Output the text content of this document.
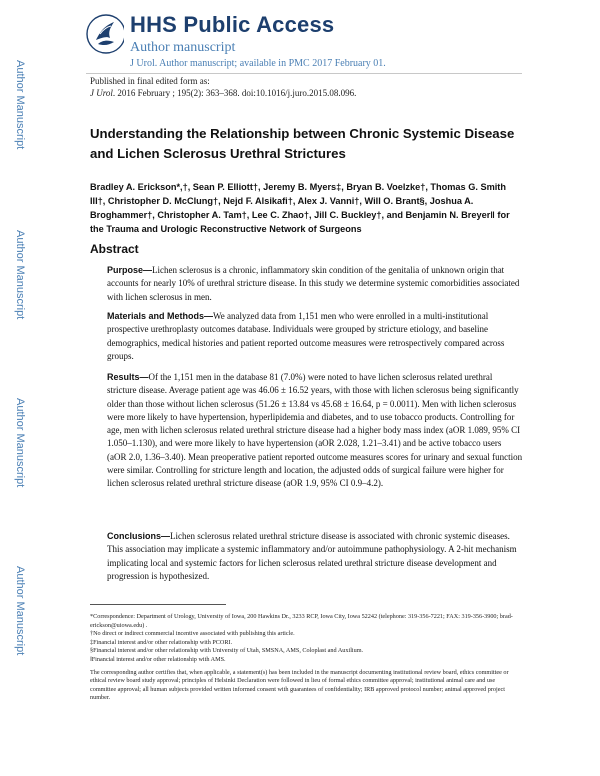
Author Manuscript
Author Manuscript
Author Manuscript
Author Manuscript
HHS Public Access
Author manuscript
J Urol. Author manuscript; available in PMC 2017 February 01.
Published in final edited form as:
J Urol. 2016 February ; 195(2): 363–368. doi:10.1016/j.juro.2015.08.096.
Understanding the Relationship between Chronic Systemic Disease and Lichen Sclerosus Urethral Strictures
Bradley A. Erickson*,†, Sean P. Elliott†, Jeremy B. Myers‡, Bryan B. Voelzke†, Thomas G. Smith III†, Christopher D. McClung†, Nejd F. Alsikafi†, Alex J. Vanni†, Will O. Brant§, Joshua A. Broghammer†, Christopher A. Tam†, Lee C. Zhao†, Jill C. Buckley†, and Benjamin N. Breyer‖ for the Trauma and Urologic Reconstructive Network of Surgeons
Abstract
Purpose—Lichen sclerosus is a chronic, inflammatory skin condition of the genitalia of unknown origin that accounts for nearly 10% of urethral stricture disease. In this study we determine systemic comorbidities associated with lichen sclerosus in men.
Materials and Methods—We analyzed data from 1,151 men who were enrolled in a multi-institutional prospective urethroplasty outcomes database. Individuals were grouped by stricture etiology, and baseline demographics, medical histories and patient reported outcome measures were retrospectively compared across groups.
Results—Of the 1,151 men in the database 81 (7.0%) were noted to have lichen sclerosus related urethral stricture disease. Average patient age was 46.06 ± 16.52 years, with those with lichen sclerosus being significantly older than those without lichen sclerosus (51.26 ± 13.84 vs 45.68 ± 16.64, p = 0.0011). Men with lichen sclerosus were more likely to have hypertension, hyperlipidemia and diabetes, and to use tobacco products. Controlling for age, men with lichen sclerosus related urethral stricture disease had a higher body mass index (aOR 1.089, 95% CI 1.050–1.130), and were more likely to have hypertension (aOR 2.028, 1.21–3.41) and be active tobacco users (aOR 2.0, 1.36–3.40). Mean preoperative patient reported outcome measures scores for urinary and sexual function were similar. Controlling for stricture length and location, the adjusted odds of surgical failure were higher for lichen sclerosus related urethral stricture disease (aOR 1.9, 95% CI 0.9–4.2).
Conclusions—Lichen sclerosus related urethral stricture disease is associated with chronic systemic diseases. This association may implicate a systemic inflammatory and/or autoimmune pathophysiology. A 2-hit mechanism implicating local and systemic factors for lichen sclerosus related urethral stricture disease development and progression is hypothesized.

*Correspondence: Department of Urology, University of Iowa, 200 Hawkins Dr., 3233 RCP, Iowa City, Iowa 52242 (telephone: 319-356-7221; FAX: 319-356-3900; brad-erickson@uiowa.edu) .

†No direct or indirect commercial incentive associated with publishing this article.

‡Financial interest and/or other relationship with PCORI.

§Financial interest and/or other relationship with University of Utah, SMSNA, AMS, Coloplast and Auxilium.

‖Financial interest and/or other relationship with AMS.

The corresponding author certifies that, when applicable, a statement(s) has been included in the manuscript documenting institutional review board, ethics committee or ethical review board study approval; principles of Helsinki Declaration were followed in lieu of formal ethics committee approval; institutional animal care and use committee approval; all human subjects provided written informed consent with guarantees of confidentiality; IRB approved protocol number; animal approved project number.
